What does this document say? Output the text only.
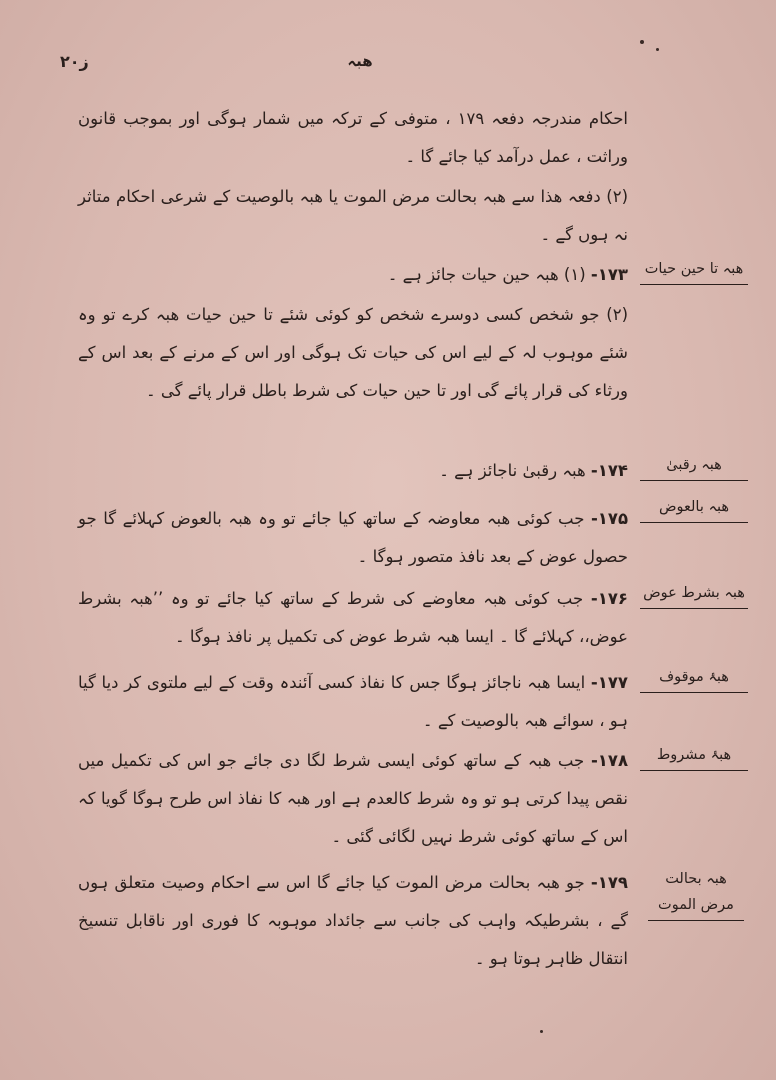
۲۰ز	هبہ
احکام مندرجہ دفعہ ۱۷۹ ، متوفی کے ترکہ میں شمار ہوگی اور بموجب قانون وراثت ، عمل درآمد کیا جائے گا ۔
(۲) دفعہ ھذا سے ھبہ بحالت مرض الموت یا ھبہ بالوصیت کے شرعی احکام متاثر نہ ہوں گے ۔
۱۷۳- (۱) ھبہ حین حیات جائز ہے ۔	ھبہ تا حین حیات
(۲) جو شخص کسی دوسرے شخص کو کوئی شئے تا حین حیات ھبہ کرے تو وہ شئے موہوب لہ کے لیے اس کی حیات تک ہوگی اور اس کے مرنے کے بعد اس کے ورثاء کی قرار پائے گی اور تا حین حیات کی شرط باطل قرار پائے گی ۔
۱۷۴- ھبہ رقبیٰ ناجائز ہے ۔	ھبہ رقبیٰ
۱۷۵- جب کوئی ھبہ معاوضہ کے ساتھ کیا جائے تو وہ ھبہ بالعوض کہلائے گا جو حصول عوض کے بعد نافذ متصور ہوگا ۔
ھبہ بالعوض
۱۷۶- جب کوئی ھبہ معاوضے کی شرط کے ساتھ کیا جائے تو وہ ’’ھبہ بشرط عوض،، کہلائے گا ۔ ایسا ھبہ شرط عوض کی تکمیل پر نافذ ہوگا ۔
ھبہ بشرط عوض
۱۷۷- ایسا ھبہ ناجائز ہوگا جس کا نفاذ کسی آئندہ وقت کے لیے ملتوی کر دیا گیا ہو ، سوائے ھبہ بالوصیت کے ۔
ھبۂ موقوف
۱۷۸- جب ھبہ کے ساتھ کوئی ایسی شرط لگا دی جائے جو اس کی تکمیل میں نقص پیدا کرتی ہو تو وہ شرط کالعدم ہے اور ھبہ کا نفاذ اس طرح ہوگا گویا کہ اس کے ساتھ کوئی شرط نہیں لگائی گئی ۔
ھبۂ مشروط
۱۷۹- جو ھبہ بحالت مرض الموت کیا جائے گا اس سے احکام وصیت متعلق ہوں گے ، بشرطیکہ واہب کی جانب سے جائداد موہوبہ کا فوری اور ناقابل تنسیخ انتقال ظاہر ہوتا ہو ۔
ھبہ بحالت مرض الموت
